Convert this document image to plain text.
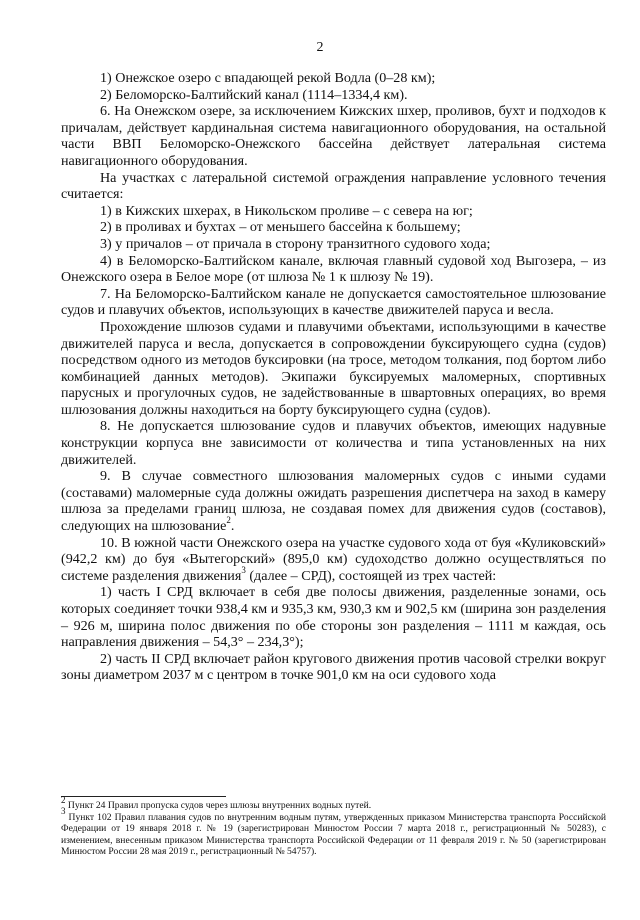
2

1) Онежское озеро с впадающей рекой Водла (0–28 км);

2) Беломорско-Балтийский канал (1114–1334,4 км).

6. На Онежском озере, за исключением Кижских шхер, проливов, бухт и подходов к причалам, действует кардинальная система навигационного оборудования, на остальной части ВВП Беломорско-Онежского бассейна действует латеральная система навигационного оборудования.

На участках с латеральной системой ограждения направление условного течения считается:

1) в Кижских шхерах, в Никольском проливе – с севера на юг;

2) в проливах и бухтах – от меньшего бассейна к большему;

3) у причалов – от причала в сторону транзитного судового хода;

4) в Беломорско-Балтийском канале, включая главный судовой ход Выгозера, – из Онежского озера в Белое море (от шлюза № 1 к шлюзу № 19).

7. На Беломорско-Балтийском канале не допускается самостоятельное шлюзование судов и плавучих объектов, использующих в качестве движителей паруса и весла.

Прохождение шлюзов судами и плавучими объектами, использующими в качестве движителей паруса и весла, допускается в сопровождении буксирующего судна (судов) посредством одного из методов буксировки (на тросе, методом толкания, под бортом либо комбинацией данных методов). Экипажи буксируемых маломерных, спортивных парусных и прогулочных судов, не задействованные в швартовных операциях, во время шлюзования должны находиться на борту буксирующего судна (судов).

8. Не допускается шлюзование судов и плавучих объектов, имеющих надувные конструкции корпуса вне зависимости от количества и типа установленных на них движителей.

9. В случае совместного шлюзования маломерных судов с иными судами (составами) маломерные суда должны ожидать разрешения диспетчера на заход в камеру шлюза за пределами границ шлюза, не создавая помех для движения судов (составов), следующих на шлюзование$^2$.

10. В южной части Онежского озера на участке судового хода от буя «Куликовский» (942,2 км) до буя «Вытегорский» (895,0 км) судоходство должно осуществляться по системе разделения движения$^3$ (далее – СРД), состоящей из трех частей:

1) часть I СРД включает в себя две полосы движения, разделенные зонами, ось которых соединяет точки 938,4 км и 935,3 км, 930,3 км и 902,5 км (ширина зон разделения – 926 м, ширина полос движения по обе стороны зон разделения – 1111 м каждая, ось направления движения – 54,3° – 234,3°);

2) часть II СРД включает район кругового движения против часовой стрелки вокруг зоны диаметром 2037 м с центром в точке 901,0 км на оси судового хода

$^2$ Пункт 24 Правил пропуска судов через шлюзы внутренних водных путей.

$^3$ Пункт 102 Правил плавания судов по внутренним водным путям, утвержденных приказом Министерства транспорта Российской Федерации от 19 января 2018 г. № 19 (зарегистрирован Минюстом России 7 марта 2018 г., регистрационный № 50283), с изменением, внесенным приказом Министерства транспорта Российской Федерации от 11 февраля 2019 г. № 50 (зарегистрирован Минюстом России 28 мая 2019 г., регистрационный № 54757).
